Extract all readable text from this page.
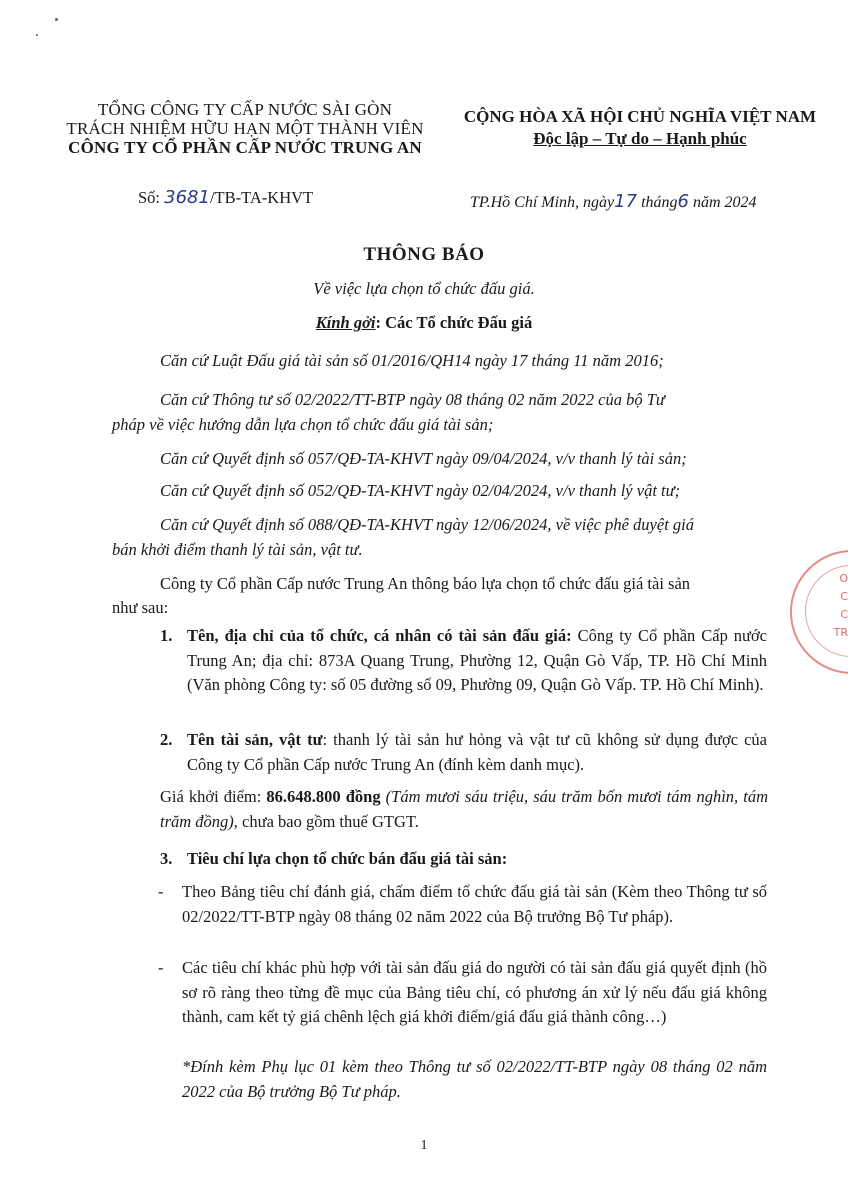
TỔNG CÔNG TY CẤP NƯỚC SÀI GÒN
TRÁCH NHIỆM HỮU HẠN MỘT THÀNH VIÊN
CÔNG TY CỔ PHẦN CẤP NƯỚC TRUNG AN
CỘNG HÒA XÃ HỘI CHỦ NGHĨA VIỆT NAM
Độc lập – Tự do – Hạnh phúc
Số: 3681/TB-TA-KHVT	TP.Hồ Chí Minh, ngày17 tháng6 năm 2024
THÔNG BÁO
Về việc lựa chọn tổ chức đấu giá.
Kính gởi: Các Tổ chức Đấu giá
Căn cứ Luật Đấu giá tài sản số 01/2016/QH14 ngày 17 tháng 11 năm 2016;
Căn cứ Thông tư số 02/2022/TT-BTP ngày 08 tháng 02 năm 2022 của bộ Tư
pháp về việc hướng dẫn lựa chọn tổ chức đấu giá tài sản;
Căn cứ Quyết định số 057/QĐ-TA-KHVT ngày 09/04/2024, v/v thanh lý tài sản;
Căn cứ Quyết định số 052/QĐ-TA-KHVT ngày 02/04/2024, v/v thanh lý vật tư;
Căn cứ Quyết định số 088/QĐ-TA-KHVT ngày 12/06/2024, về việc phê duyệt giá
bán khởi điểm thanh lý tài sản, vật tư.
Công ty Cổ phần Cấp nước Trung An thông báo lựa chọn tổ chức đấu giá tài sản
như sau:
1. Tên, địa chỉ của tổ chức, cá nhân có tài sản đấu giá: Công ty Cổ phần Cấp nước Trung An; địa chỉ: 873A Quang Trung, Phường 12, Quận Gò Vấp, TP. Hồ Chí Minh (Văn phòng Công ty: số 05 đường số 09, Phường 09, Quận Gò Vấp. TP. Hồ Chí Minh).
2. Tên tài sản, vật tư: thanh lý tài sản hư hỏng và vật tư cũ không sử dụng được của Công ty Cổ phần Cấp nước Trung An (đính kèm danh mục).
Giá khởi điểm: 86.648.800 đồng (Tám mươi sáu triệu, sáu trăm bốn mươi tám nghìn, tám trăm đồng), chưa bao gồm thuế GTGT.
3. Tiêu chí lựa chọn tổ chức bán đấu giá tài sản:
- Theo Bảng tiêu chí đánh giá, chấm điểm tổ chức đấu giá tài sản (Kèm theo Thông tư số 02/2022/TT-BTP ngày 08 tháng 02 năm 2022 của Bộ trưởng Bộ Tư pháp).
- Các tiêu chí khác phù hợp với tài sản đấu giá do người có tài sản đấu giá quyết định (hồ sơ rõ ràng theo từng đề mục của Bảng tiêu chí, có phương án xử lý nếu đấu giá không thành, cam kết tỷ giá chênh lệch giá khởi điểm/giá đấu giá thành công…)
*Đính kèm Phụ lục 01 kèm theo Thông tư số 02/2022/TT-BTP ngày 08 tháng 02 năm 2022 của Bộ trưởng Bộ Tư pháp.
O
C
C
TR
1
